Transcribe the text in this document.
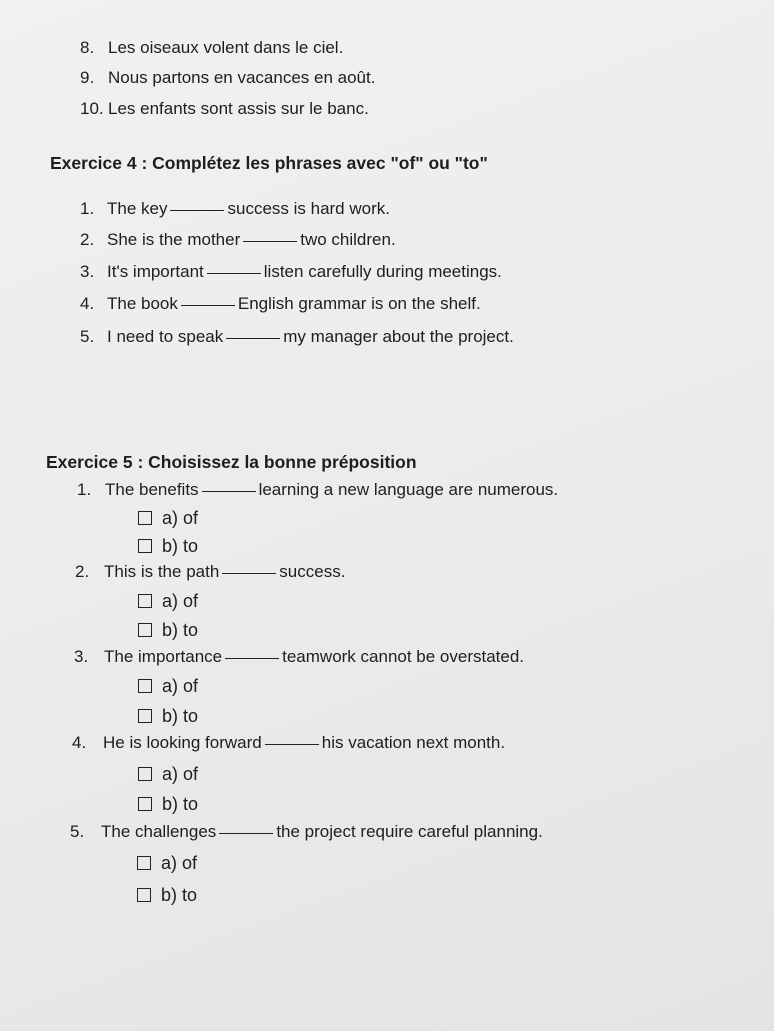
8. Les oiseaux volent dans le ciel.
9. Nous partons en vacances en août.
10. Les enfants sont assis sur le banc.
Exercice 4 : Complétez les phrases avec "of" ou "to"
1. The key	success is hard work.
2. She is the mother	two children.
3. It's important	listen carefully during meetings.
4. The book	English grammar is on the shelf.
5. I need to speak	my manager about the project.
Exercice 5 : Choisissez la bonne préposition
1. The benefits	learning a new language are numerous.
a) of
b) to
2. This is the path	success.
a) of
b) to
3. The importance	teamwork cannot be overstated.
a) of
b) to
4. He is looking forward	his vacation next month.
a) of
b) to
5. The challenges	the project require careful planning.
a) of
b) to
